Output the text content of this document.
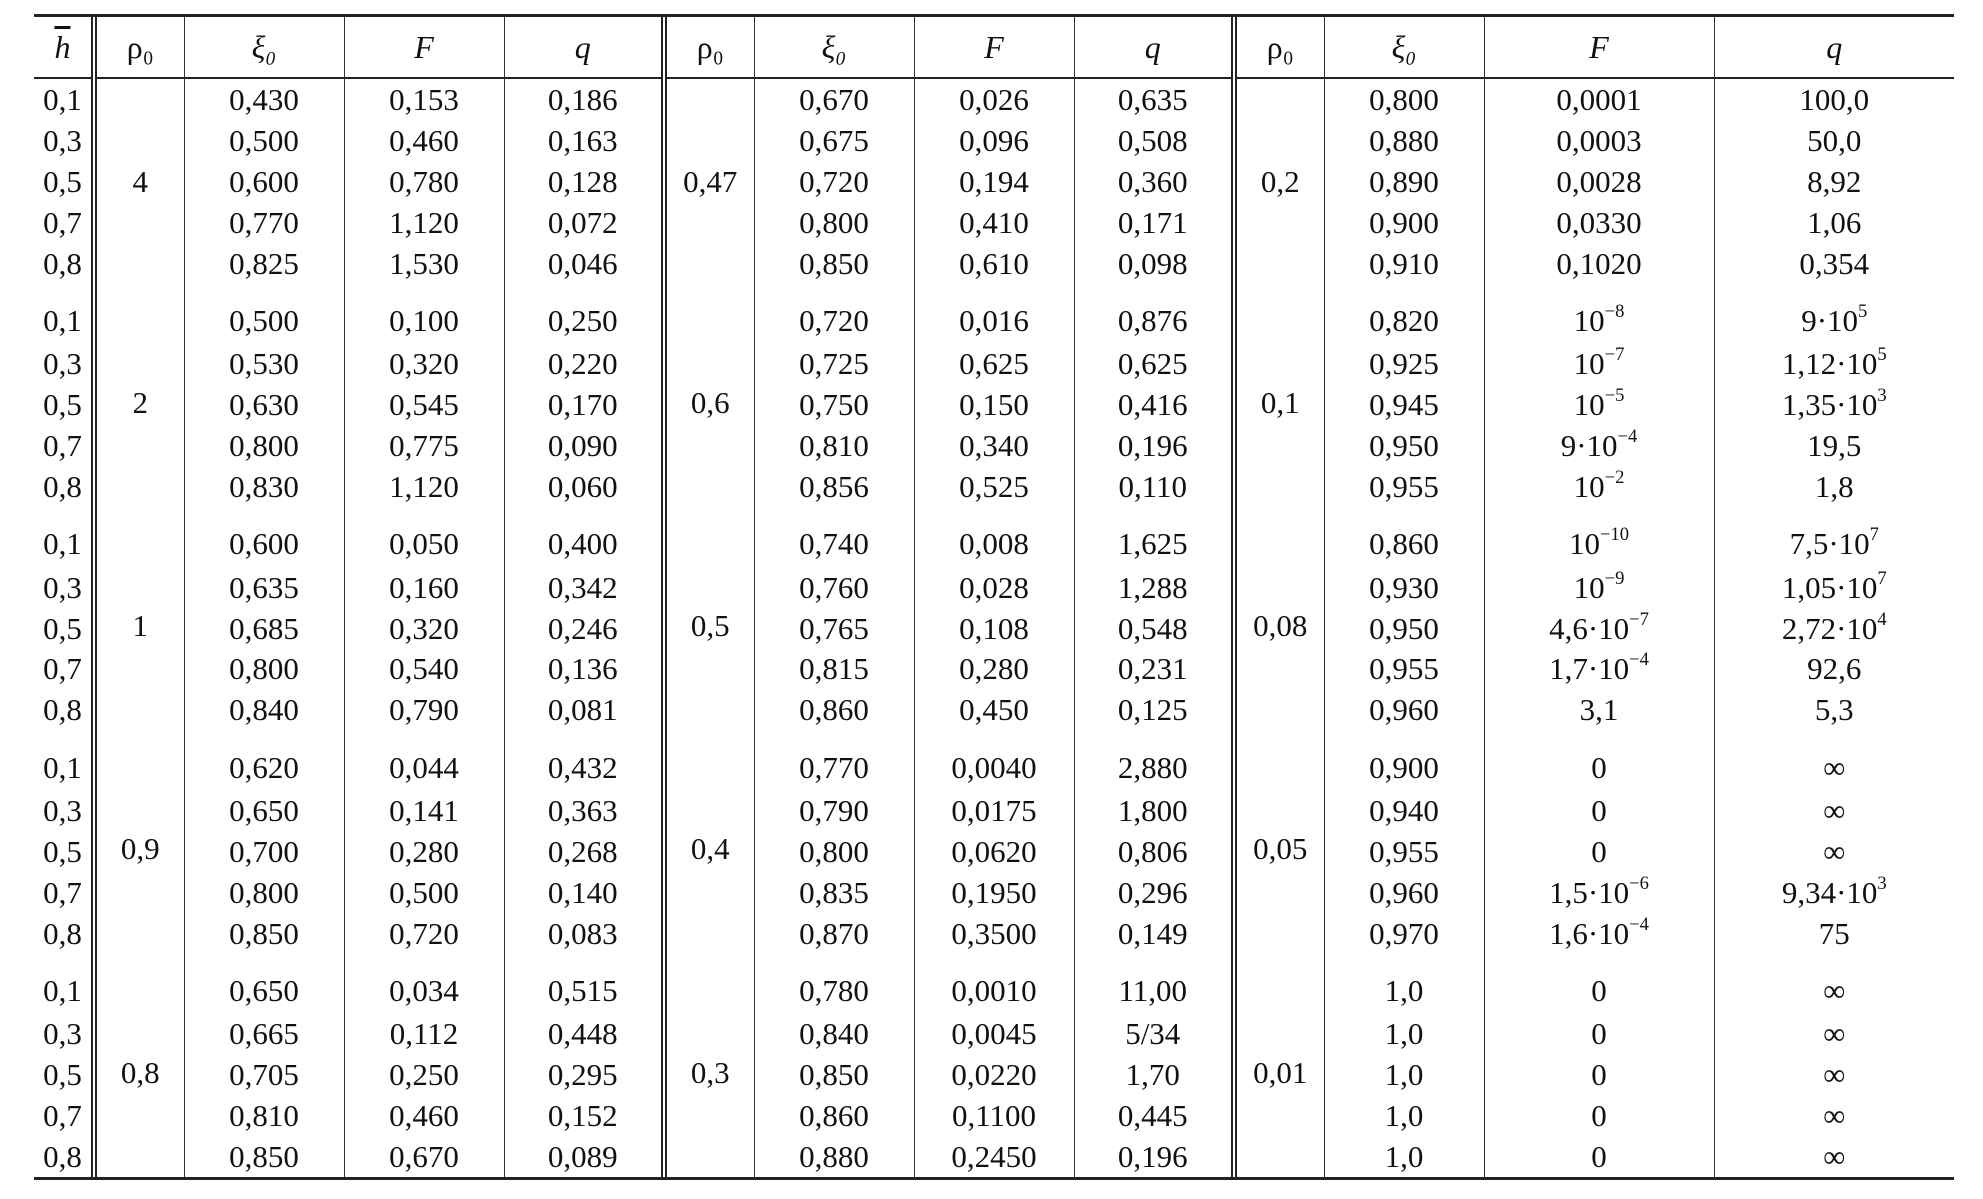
$\overline{h}$	ρ₀	ξ₀	F	q	ρ₀	ξ₀	F	q	ρ₀	ξ₀	F	q
0,1	4	0,430	0,153	0,186	0,47	0,670	0,026	0,635	0,2	0,800	0,0001	100,0
0,3		0,500	0,460	0,163		0,675	0,096	0,508		0,880	0,0003	50,0
0,5		0,600	0,780	0,128		0,720	0,194	0,360		0,890	0,0028	8,92
0,7		0,770	1,120	0,072		0,800	0,410	0,171		0,900	0,0330	1,06
0,8		0,825	1,530	0,046		0,850	0,610	0,098		0,910	0,1020	0,354
0,1	2	0,500	0,100	0,250	0,6	0,720	0,016	0,876	0,1	0,820	$10^{-8}$	$9\cdot 10^5$
0,3		0,530	0,320	0,220		0,725	0,625	0,625		0,925	$10^{-7}$	$1,12\cdot 10^5$
0,5		0,630	0,545	0,170		0,750	0,150	0,416		0,945	$10^{-5}$	$1,35\cdot 10^3$
0,7		0,800	0,775	0,090		0,810	0,340	0,196		0,950	$9\cdot 10^{-4}$	19,5
0,8		0,830	1,120	0,060		0,856	0,525	0,110		0,955	$10^{-2}$	1,8
0,1	1	0,600	0,050	0,400	0,5	0,740	0,008	1,625	0,08	0,860	$10^{-10}$	$7,5\cdot 10^7$
0,3		0,635	0,160	0,342		0,760	0,028	1,288		0,930	$10^{-9}$	$1,05\cdot 10^7$
0,5		0,685	0,320	0,246		0,765	0,108	0,548		0,950	$4,6\cdot 10^{-7}$	$2,72\cdot 10^4$
0,7		0,800	0,540	0,136		0,815	0,280	0,231		0,955	$1,7\cdot 10^{-4}$	92,6
0,8		0,840	0,790	0,081		0,860	0,450	0,125		0,960	3,1	5,3
0,1	0,9	0,620	0,044	0,432	0,4	0,770	0,0040	2,880	0,05	0,900	0	∞
0,3		0,650	0,141	0,363		0,790	0,0175	1,800		0,940	0	∞
0,5		0,700	0,280	0,268		0,800	0,0620	0,806		0,955	0	∞
0,7		0,800	0,500	0,140		0,835	0,1950	0,296		0,960	$1,5\cdot 10^{-6}$	$9,34\cdot 10^3$
0,8		0,850	0,720	0,083		0,870	0,3500	0,149		0,970	$1,6\cdot 10^{-4}$	75
0,1	0,8	0,650	0,034	0,515	0,3	0,780	0,0010	11,00	0,01	1,0	0	∞
0,3		0,665	0,112	0,448		0,840	0,0045	5/34		1,0	0	∞
0,5		0,705	0,250	0,295		0,850	0,0220	1,70		1,0	0	∞
0,7		0,810	0,460	0,152		0,860	0,1100	0,445		1,0	0	∞
0,8		0,850	0,670	0,089		0,880	0,2450	0,196		1,0	0	∞
